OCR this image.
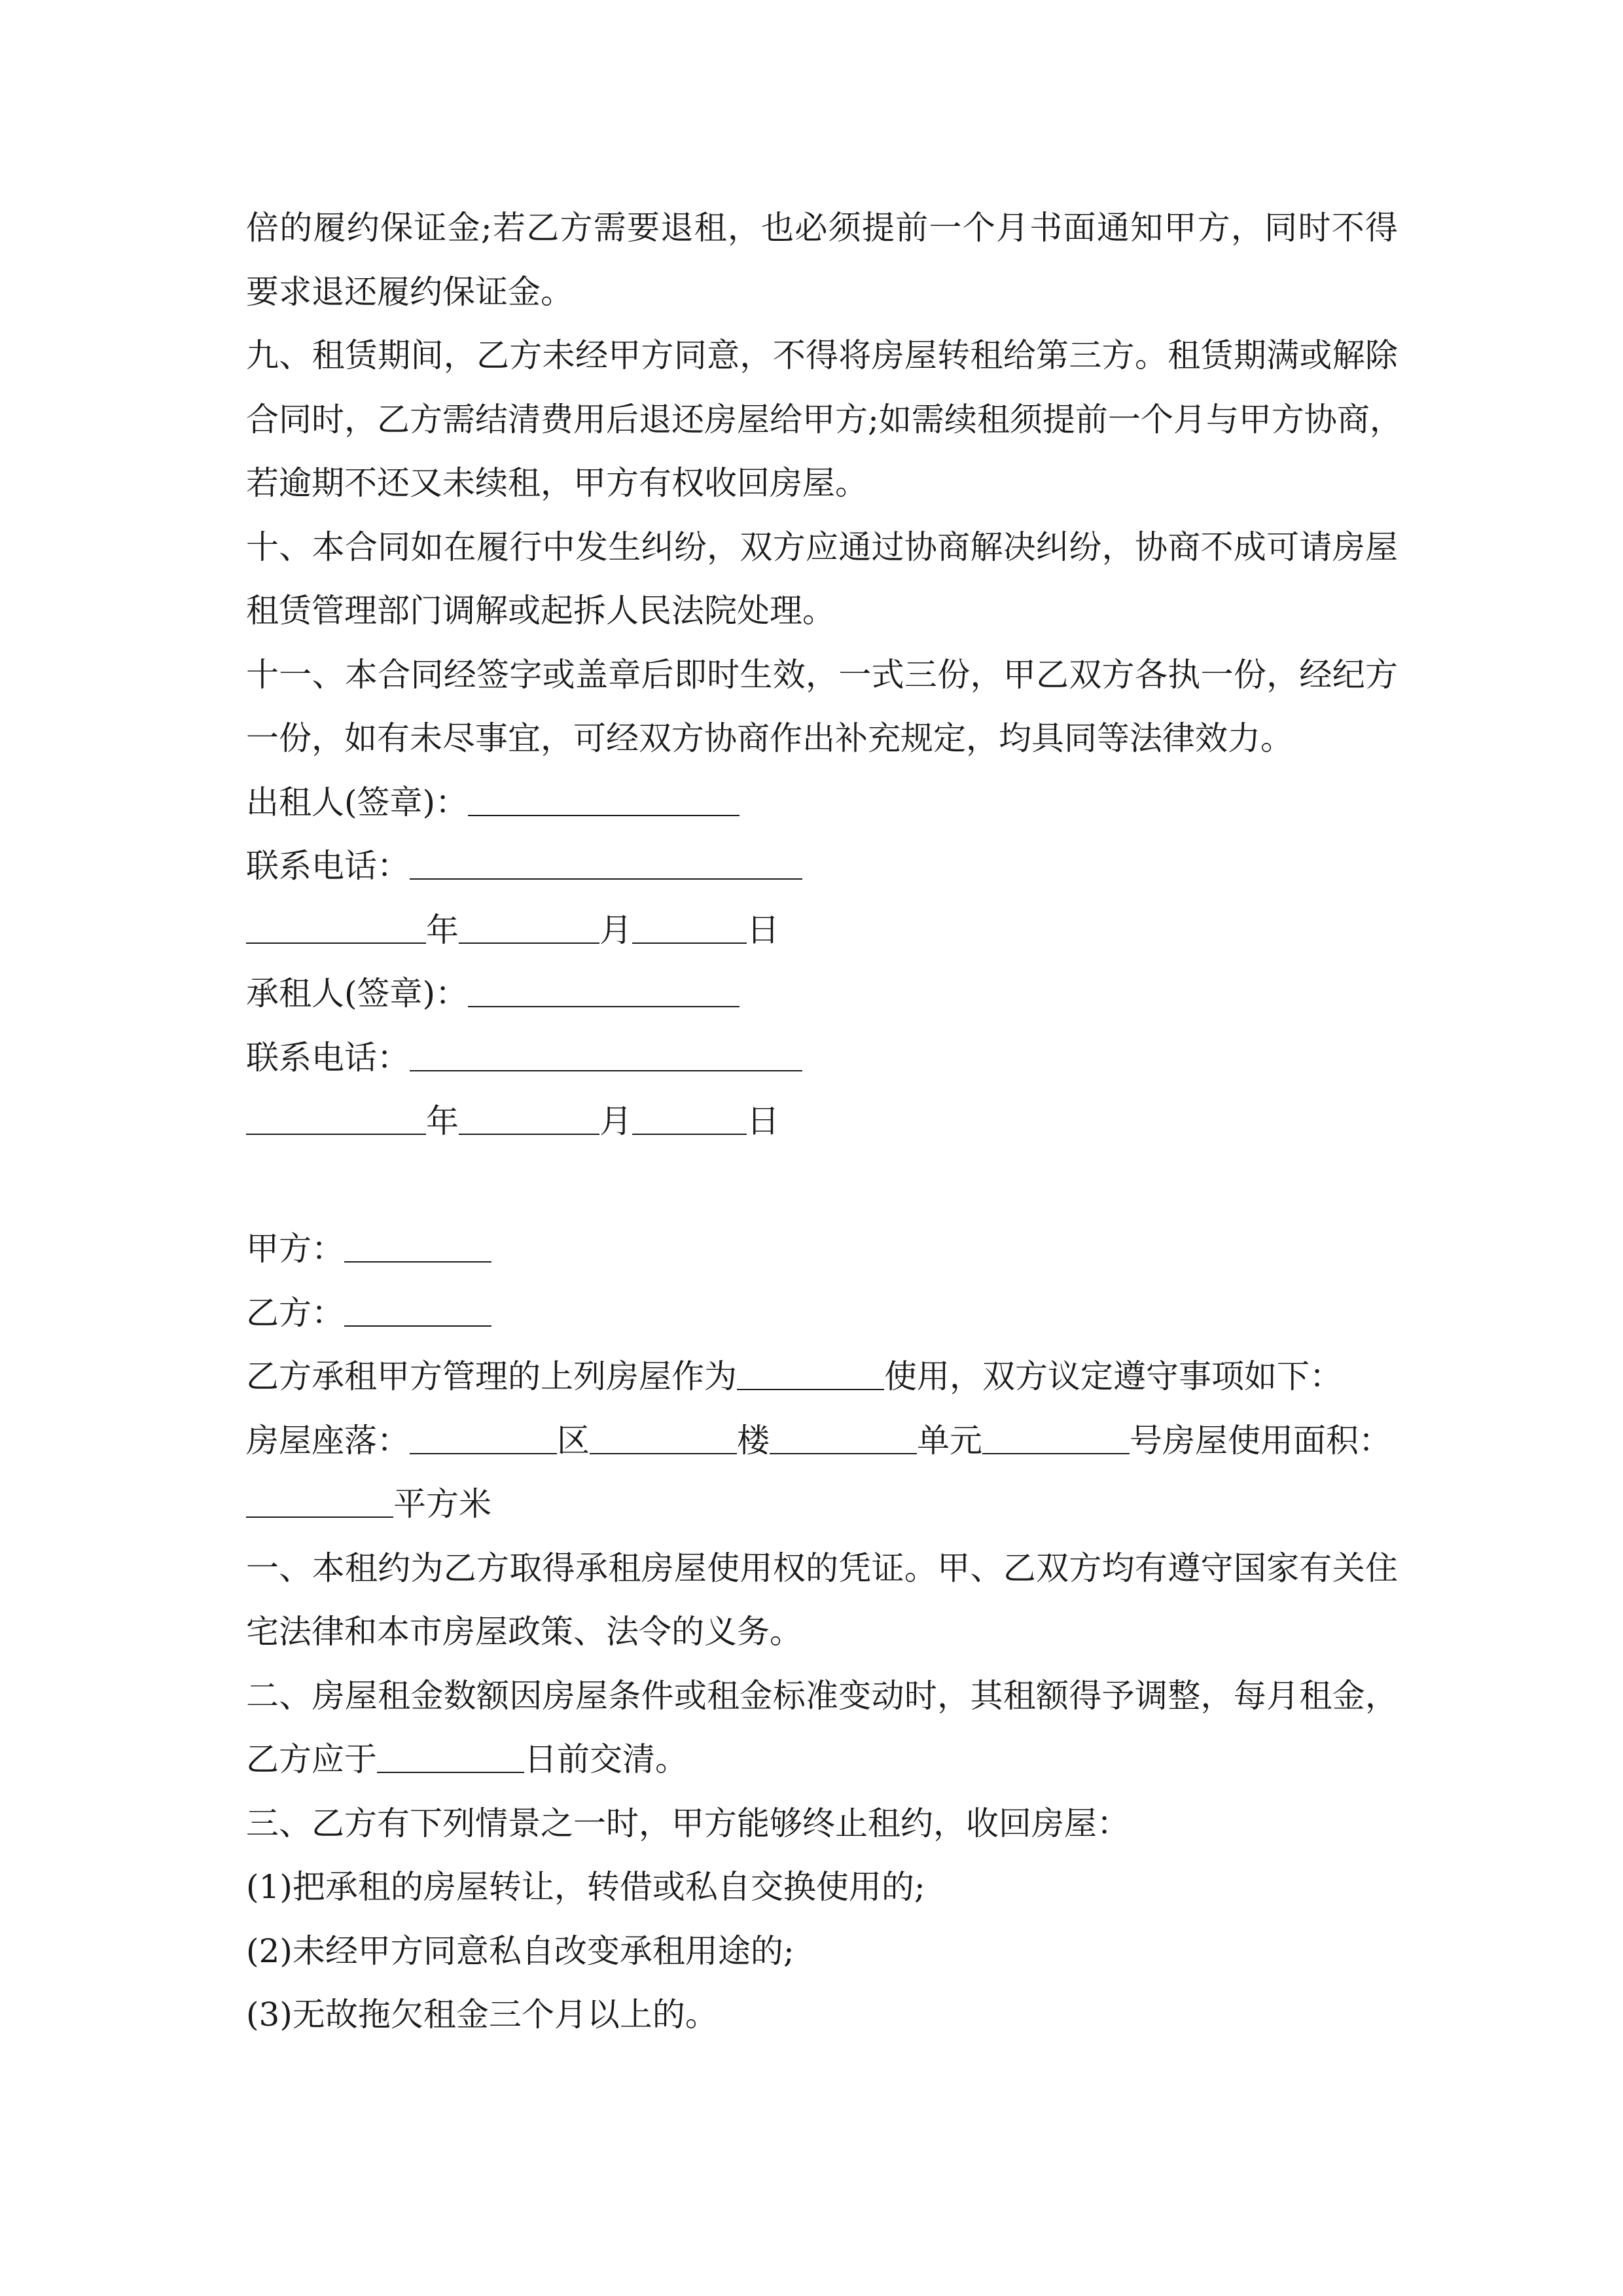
倍的履约保证金;若乙方需要退租，也必须提前一个月书面通知甲方，同时不得
要求退还履约保证金。
九、租赁期间，乙方未经甲方同意，不得将房屋转租给第三方。租赁期满或解除
合同时，乙方需结清费用后退还房屋给甲方;如需续租须提前一个月与甲方协商，
若逾期不还又未续租，甲方有权收回房屋。
十、本合同如在履行中发生纠纷，双方应通过协商解决纠纷，协商不成可请房屋
租赁管理部门调解或起拆人民法院处理。
十一、本合同经签字或盖章后即时生效，一式三份，甲乙双方各执一份，经纪方
一份，如有未尽事宜，可经双方协商作出补充规定，均具同等法律效力。
出租人(签章)：
联系电话：
年	月	日
承租人(签章)：
联系电话：
年	月	日
甲方：
乙方：
乙方承租甲方管理的上列房屋作为	使用，双方议定遵守事项如下：
房屋座落：	区	楼	单元	号房屋使用面积：
平方米
一、本租约为乙方取得承租房屋使用权的凭证。甲、乙双方均有遵守国家有关住
宅法律和本市房屋政策、法令的义务。
二、房屋租金数额因房屋条件或租金标准变动时，其租额得予调整，每月租金，
乙方应于	日前交清。
三、乙方有下列情景之一时，甲方能够终止租约，收回房屋：
(1)把承租的房屋转让，转借或私自交换使用的;
(2)未经甲方同意私自改变承租用途的;
(3)无故拖欠租金三个月以上的。
